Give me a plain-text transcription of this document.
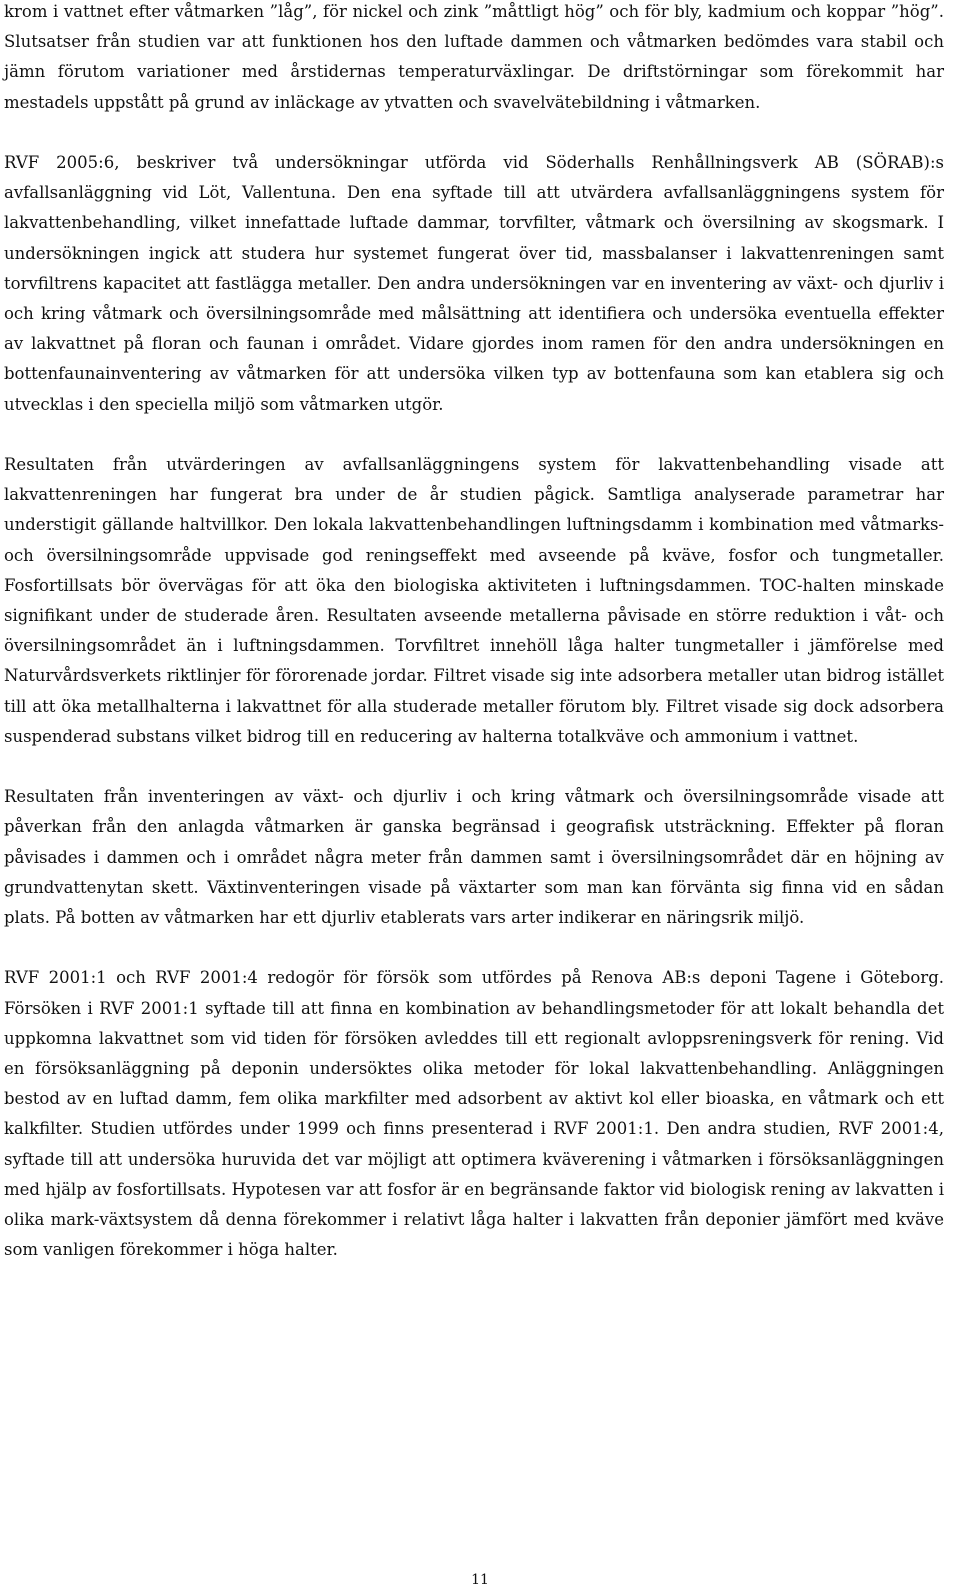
krom i vattnet efter våtmarken ”låg”, för nickel och zink ”måttligt hög” och för bly, kadmium och koppar ”hög”. Slutsatser från studien var att funktionen hos den luftade dammen och våtmarken bedömdes vara stabil och jämn förutom variationer med årstidernas temperaturväxlingar. De driftstörningar som förekommit har mestadels uppstått på grund av inläckage av ytvatten och svavelvätebildning i våtmarken.

RVF 2005:6, beskriver två undersökningar utförda vid Söderhalls Renhållningsverk AB (SÖRAB):s avfallsanläggning vid Löt, Vallentuna. Den ena syftade till att utvärdera avfallsanläggningens system för lakvattenbehandling, vilket innefattade luftade dammar, torvfilter, våtmark och översilning av skogsmark. I undersökningen ingick att studera hur systemet fungerat över tid, massbalanser i lakvattenreningen samt torvfiltrens kapacitet att fastlägga metaller. Den andra undersökningen var en inventering av växt- och djurliv i och kring våtmark och översilningsområde med målsättning att identifiera och undersöka eventuella effekter av lakvattnet på floran och faunan i området. Vidare gjordes inom ramen för den andra undersökningen en bottenfaunainventering av våtmarken för att undersöka vilken typ av bottenfauna som kan etablera sig och utvecklas i den speciella miljö som våtmarken utgör.

Resultaten från utvärderingen av avfallsanläggningens system för lakvattenbehandling visade att lakvattenreningen har fungerat bra under de år studien pågick. Samtliga analyserade parametrar har understigit gällande haltvillkor. Den lokala lakvattenbehandlingen luftningsdamm i kombination med våtmarks- och översilningsområde uppvisade god reningseffekt med avseende på kväve, fosfor och tungmetaller. Fosfortillsats bör övervägas för att öka den biologiska aktiviteten i luftningsdammen. TOC-halten minskade signifikant under de studerade åren. Resultaten avseende metallerna påvisade en större reduktion i våt- och översilningsområdet än i luftningsdammen. Torvfiltret innehöll låga halter tungmetaller i jämförelse med Naturvårdsverkets riktlinjer för förorenade jordar. Filtret visade sig inte adsorbera metaller utan bidrog istället till att öka metallhalterna i lakvattnet för alla studerade metaller förutom bly. Filtret visade sig dock adsorbera suspenderad substans vilket bidrog till en reducering av halterna totalkväve och ammonium i vattnet.

Resultaten från inventeringen av växt- och djurliv i och kring våtmark och översilningsområde visade att påverkan från den anlagda våtmarken är ganska begränsad i geografisk utsträckning. Effekter på floran påvisades i dammen och i området några meter från dammen samt i översilningsområdet där en höjning av grundvattenytan skett. Växtinventeringen visade på växtarter som man kan förvänta sig finna vid en sådan plats. På botten av våtmarken har ett djurliv etablerats vars arter indikerar en näringsrik miljö.

RVF 2001:1 och RVF 2001:4 redogör för försök som utfördes på Renova AB:s deponi Tagene i Göteborg. Försöken i RVF 2001:1 syftade till att finna en kombination av behandlingsmetoder för att lokalt behandla det uppkomna lakvattnet som vid tiden för försöken avleddes till ett regionalt avloppsreningsverk för rening. Vid en försöksanläggning på deponin undersöktes olika metoder för lokal lakvattenbehandling. Anläggningen bestod av en luftad damm, fem olika markfilter med adsorbent av aktivt kol eller bioaska, en våtmark och ett kalkfilter. Studien utfördes under 1999 och finns presenterad i RVF 2001:1. Den andra studien, RVF 2001:4, syftade till att undersöka huruvida det var möjligt att optimera kväverening i våtmarken i försöksanläggningen med hjälp av fosfortillsats. Hypotesen var att fosfor är en begränsande faktor vid biologisk rening av lakvatten i olika mark-växtsystem då denna förekommer i relativt låga halter i lakvatten från deponier jämfört med kväve som vanligen förekommer i höga halter.

11
